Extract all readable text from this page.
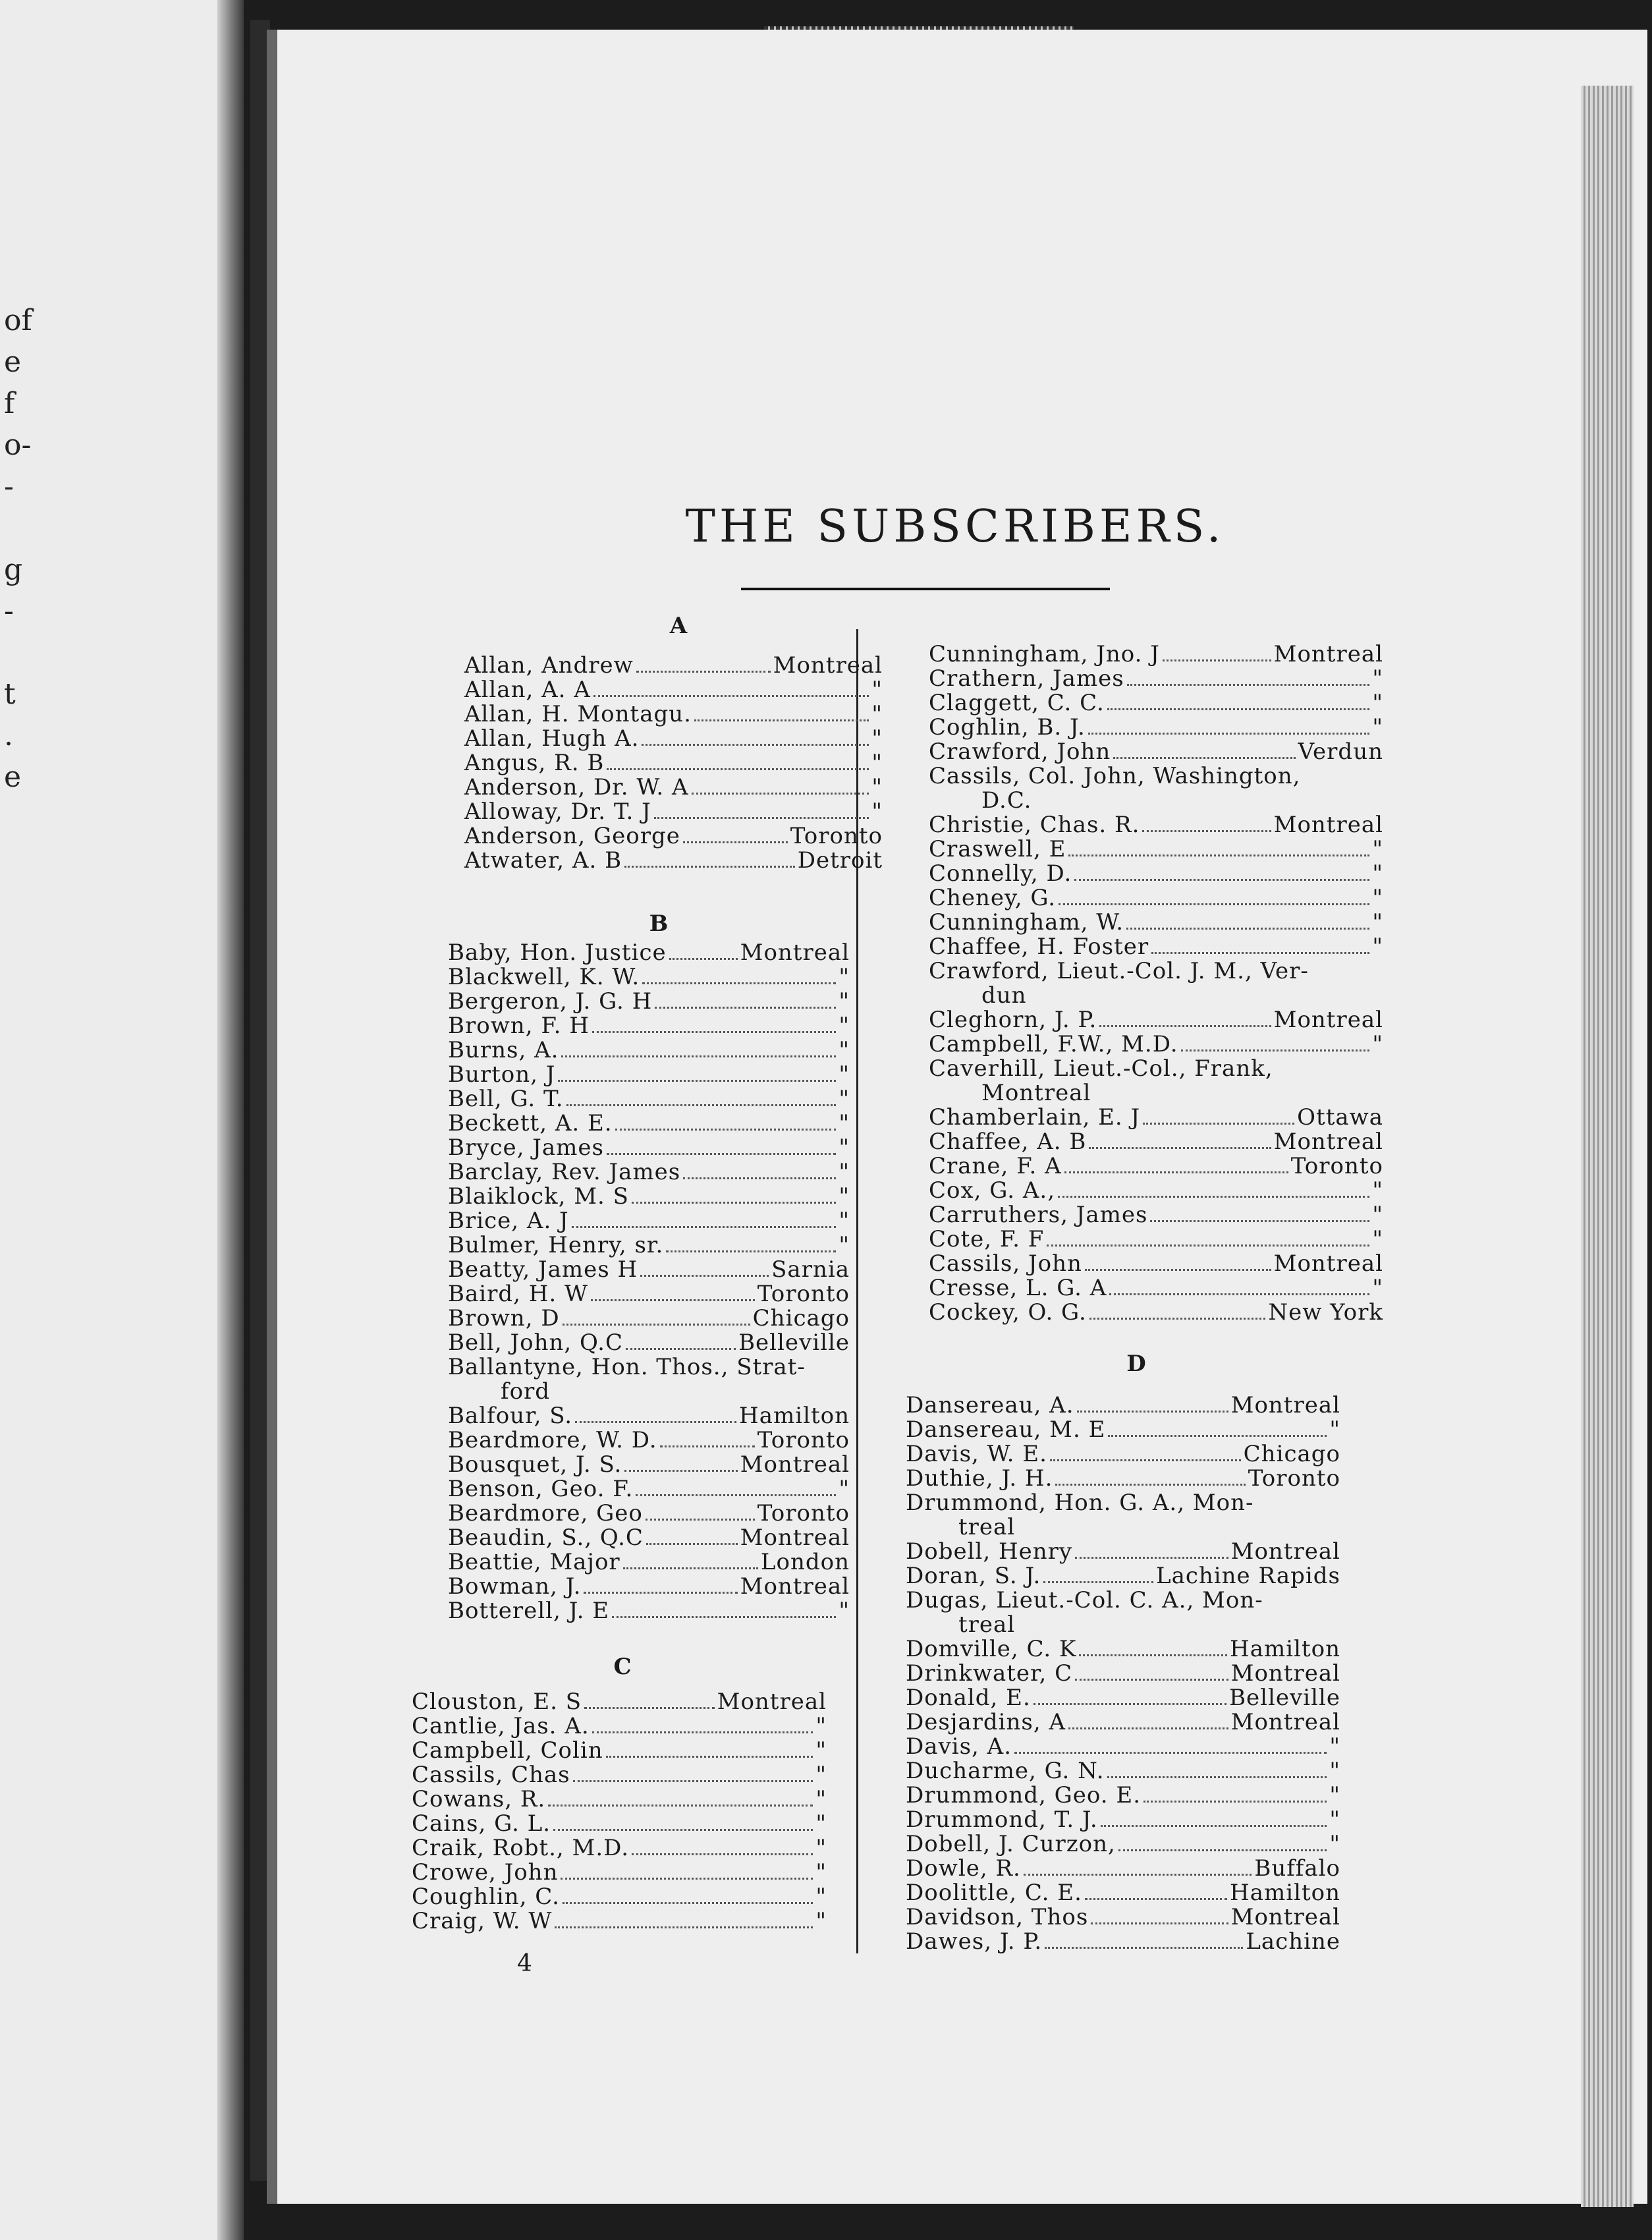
of
e
f
o-
-
g
-
t
.
e
THE SUBSCRIBERS.
A
Allan, Andrew	Montreal
Allan, A. A	"
Allan, H. Montagu.	"
Allan, Hugh A.	"
Angus, R. B	"
Anderson, Dr. W. A	"
Alloway, Dr. T. J	"
Anderson, George	Toronto
Atwater, A. B	Detroit
B
Baby, Hon. Justice	Montreal
Blackwell, K. W.	"
Bergeron, J. G. H	"
Brown, F. H	"
Burns, A.	"
Burton, J	"
Bell, G. T.	"
Beckett, A. E.	"
Bryce, James	"
Barclay, Rev. James	"
Blaiklock, M. S	"
Brice, A. J	"
Bulmer, Henry, sr.	"
Beatty, James H	Sarnia
Baird, H. W	Toronto
Brown, D	Chicago
Bell, John, Q.C	Belleville
Ballantyne, Hon. Thos., Strat-
ford
Balfour, S.	Hamilton
Beardmore, W. D.	Toronto
Bousquet, J. S.	Montreal
Benson, Geo. F.	"
Beardmore, Geo	Toronto
Beaudin, S., Q.C	Montreal
Beattie, Major	London
Bowman, J.	Montreal
Botterell, J. E	"
C
Clouston, E. S	Montreal
Cantlie, Jas. A.	"
Campbell, Colin	"
Cassils, Chas	"
Cowans, R.	"
Cains, G. L.	"
Craik, Robt., M.D.	"
Crowe, John	"
Coughlin, C.	"
Craig, W. W	"
Cunningham, Jno. J	Montreal
Crathern, James	"
Claggett, C. C.	"
Coghlin, B. J.	"
Crawford, John	Verdun
Cassils, Col. John, Washington,
D.C.
Christie, Chas. R.	Montreal
Craswell, E	"
Connelly, D.	"
Cheney, G.	"
Cunningham, W.	"
Chaffee, H. Foster	"
Crawford, Lieut.-Col. J. M., Ver-
dun
Cleghorn, J. P.	Montreal
Campbell, F.W., M.D.	"
Caverhill, Lieut.-Col., Frank,
Montreal
Chamberlain, E. J	Ottawa
Chaffee, A. B	Montreal
Crane, F. A	Toronto
Cox, G. A.,	"
Carruthers, James	"
Cote, F. F	"
Cassils, John	Montreal
Cresse, L. G. A	"
Cockey, O. G.	New York
D
Dansereau, A.	Montreal
Dansereau, M. E	"
Davis, W. E.	Chicago
Duthie, J. H.	Toronto
Drummond, Hon. G. A., Mon-
treal
Dobell, Henry	Montreal
Doran, S. J.	Lachine Rapids
Dugas, Lieut.-Col. C. A., Mon-
treal
Domville, C. K	Hamilton
Drinkwater, C	Montreal
Donald, E.	Belleville
Desjardins, A	Montreal
Davis, A.	"
Ducharme, G. N.	"
Drummond, Geo. E.	"
Drummond, T. J.	"
Dobell, J. Curzon,	"
Dowle, R.	Buffalo
Doolittle, C. E.	Hamilton
Davidson, Thos	Montreal
Dawes, J. P.	Lachine
4
